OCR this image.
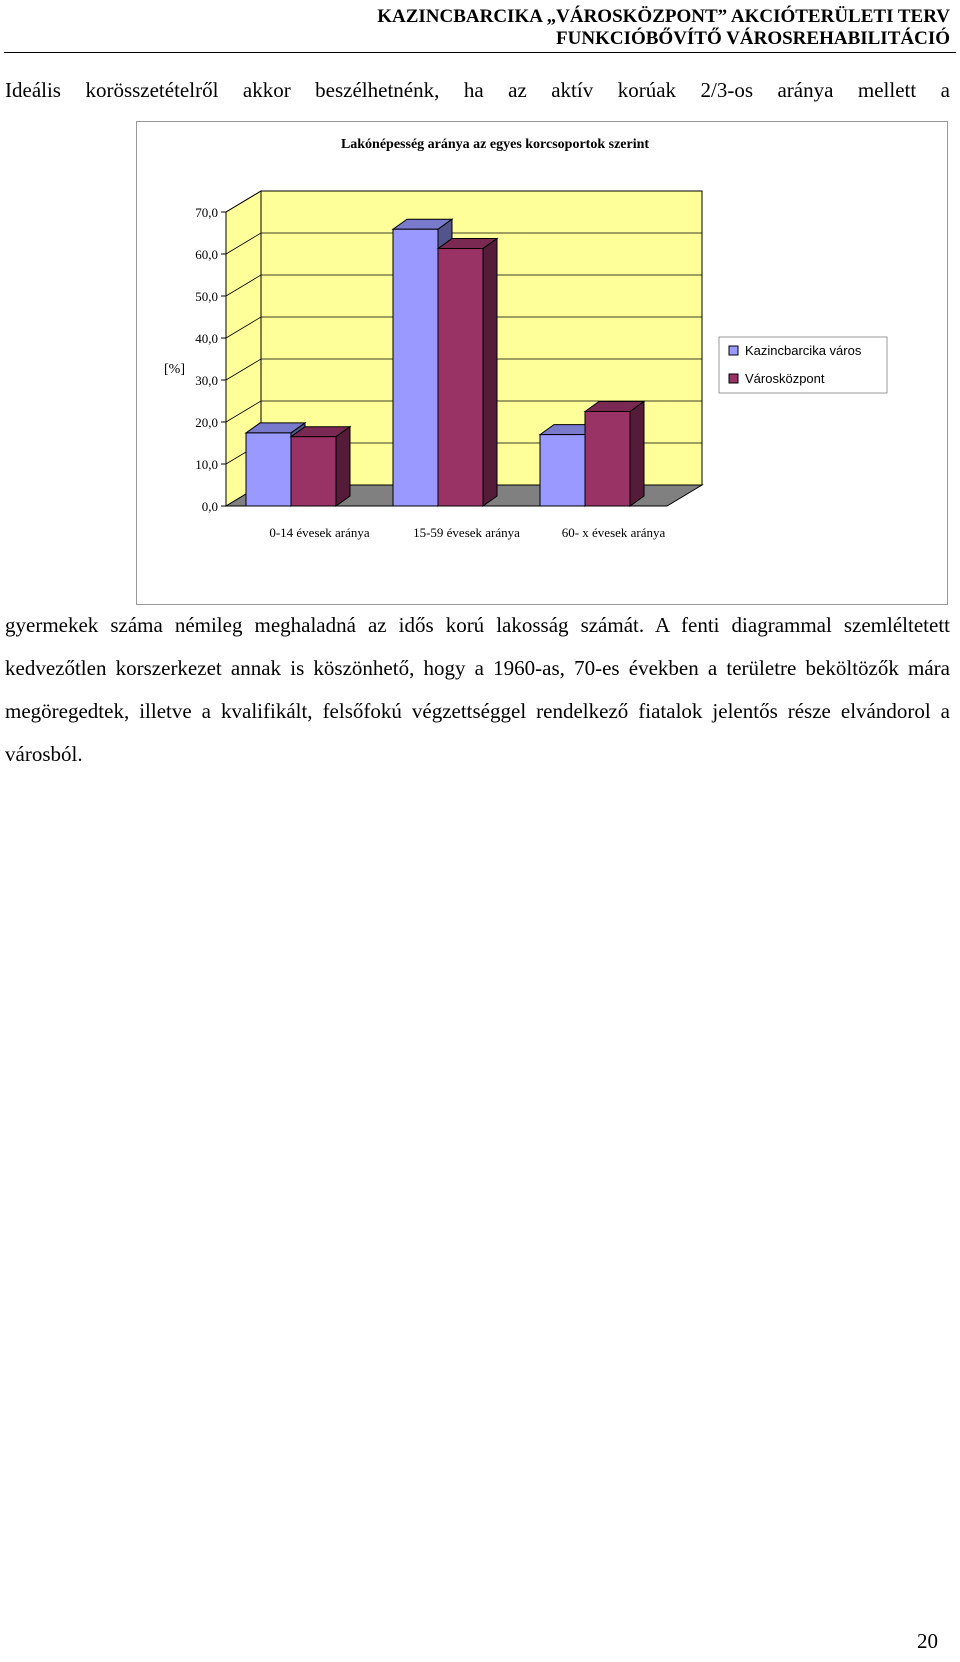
KAZINCBARCIKA „VÁROSKÖZPONT” AKCIÓTERÜLETI TERV
FUNKCIÓBŐVÍTŐ VÁROSREHABILITÁCIÓ

Ideális korösszetételről akkor beszélhetnénk, ha az aktív korúak 2/3-os aránya mellett a

Lakónépesség aránya az egyes korcsoportok szerint
0,0
10,0
20,0
30,0
40,0
50,0
60,0
70,0
[%]
0-14 évesek aránya	15-59 évesek aránya	60- x évesek aránya
Kazincbarcika város
Városközpont

gyermekek száma némileg meghaladná az idős korú lakosság számát. A fenti diagrammal szemléltetett kedvezőtlen korszerkezet annak is köszönhető, hogy a 1960-as, 70-es években a területre beköltözők mára megöregedtek, illetve a kvalifikált, felsőfokú végzettséggel rendelkező fiatalok jelentős része elvándorol a városból.

20
